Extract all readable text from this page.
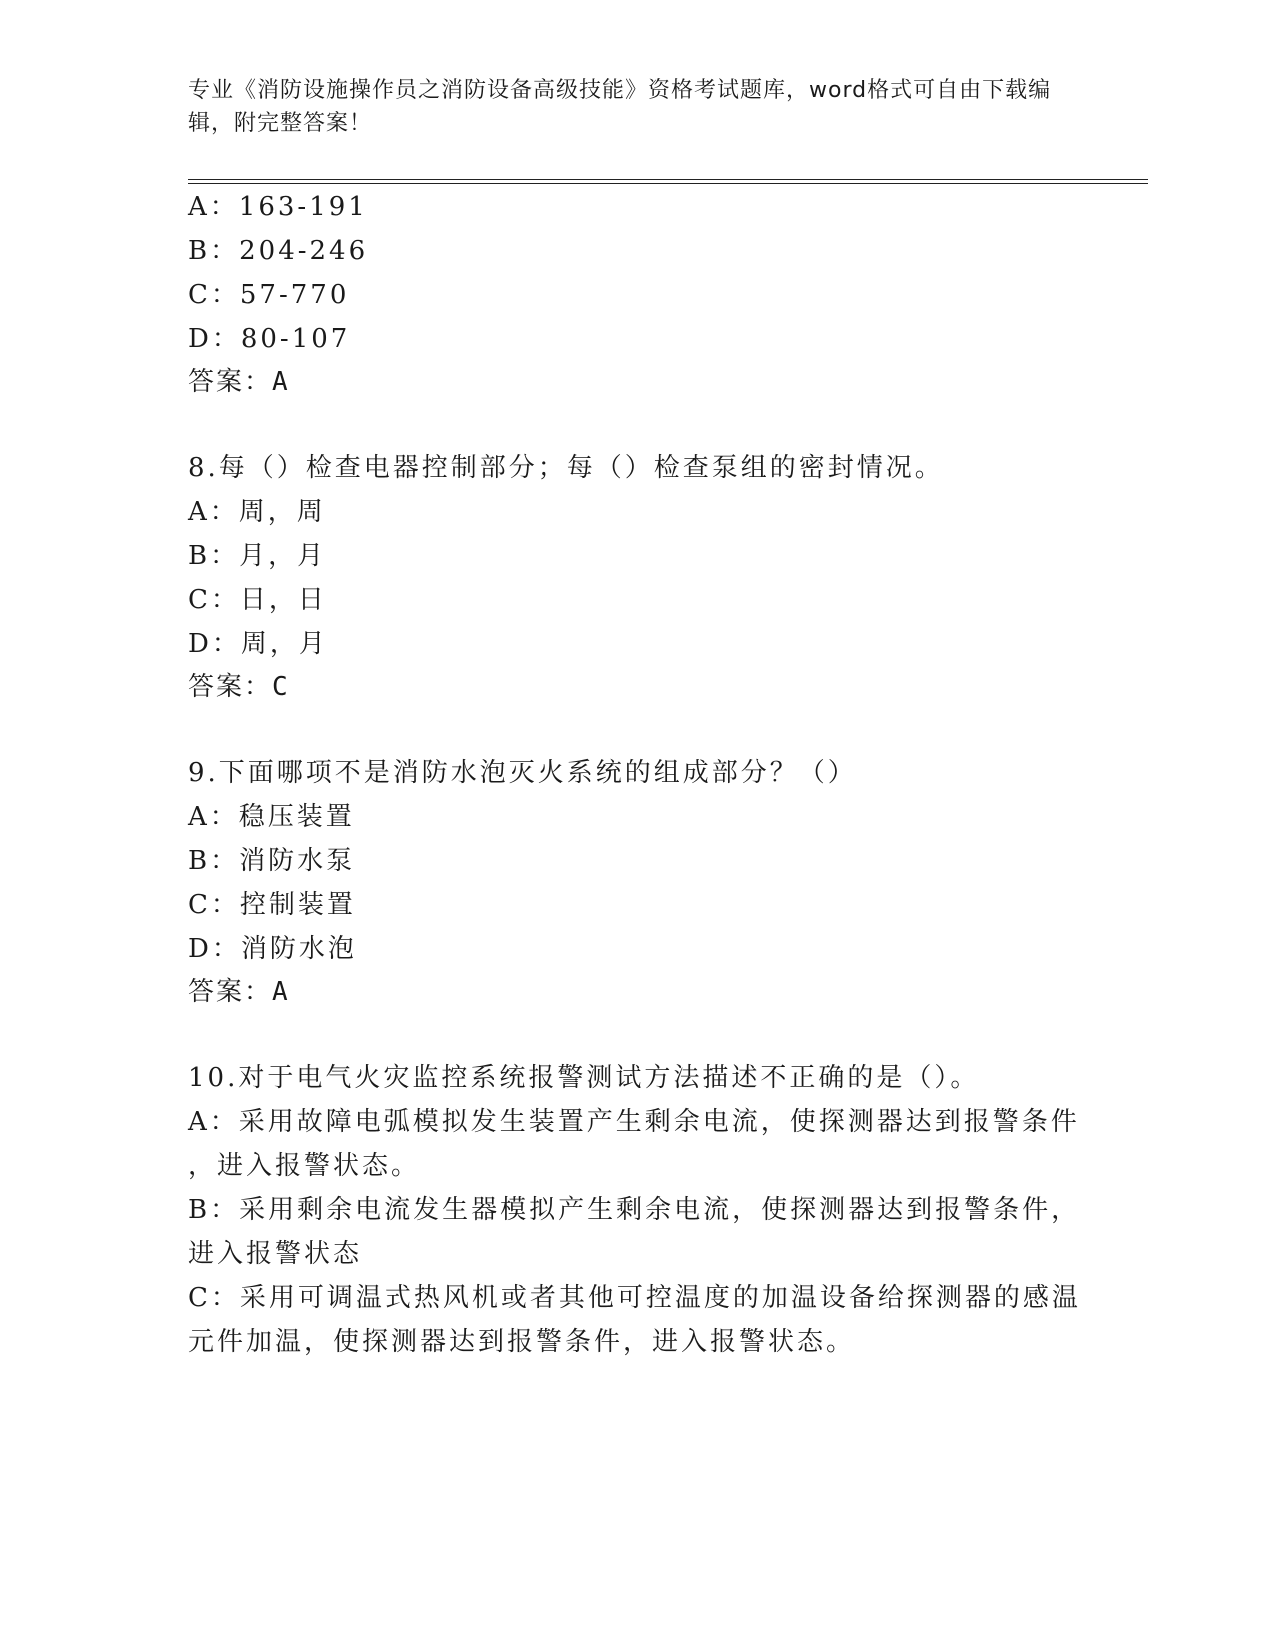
专业《消防设施操作员之消防设备高级技能》资格考试题库，word格式可自由下载编辑，附完整答案！
A：163-191
B：204-246
C：57-770
D：80-107
答案：A
8.每（）检查电器控制部分；每（）检查泵组的密封情况。
A：周，周
B：月，月
C：日，日
D：周，月
答案：C
9.下面哪项不是消防水泡灭火系统的组成部分？（）
A：稳压装置
B：消防水泵
C：控制装置
D：消防水泡
答案：A
10.对于电气火灾监控系统报警测试方法描述不正确的是（）。
A：采用故障电弧模拟发生装置产生剩余电流，使探测器达到报警条件
，进入报警状态。
B：采用剩余电流发生器模拟产生剩余电流，使探测器达到报警条件，
进入报警状态
C：采用可调温式热风机或者其他可控温度的加温设备给探测器的感温
元件加温，使探测器达到报警条件，进入报警状态。
